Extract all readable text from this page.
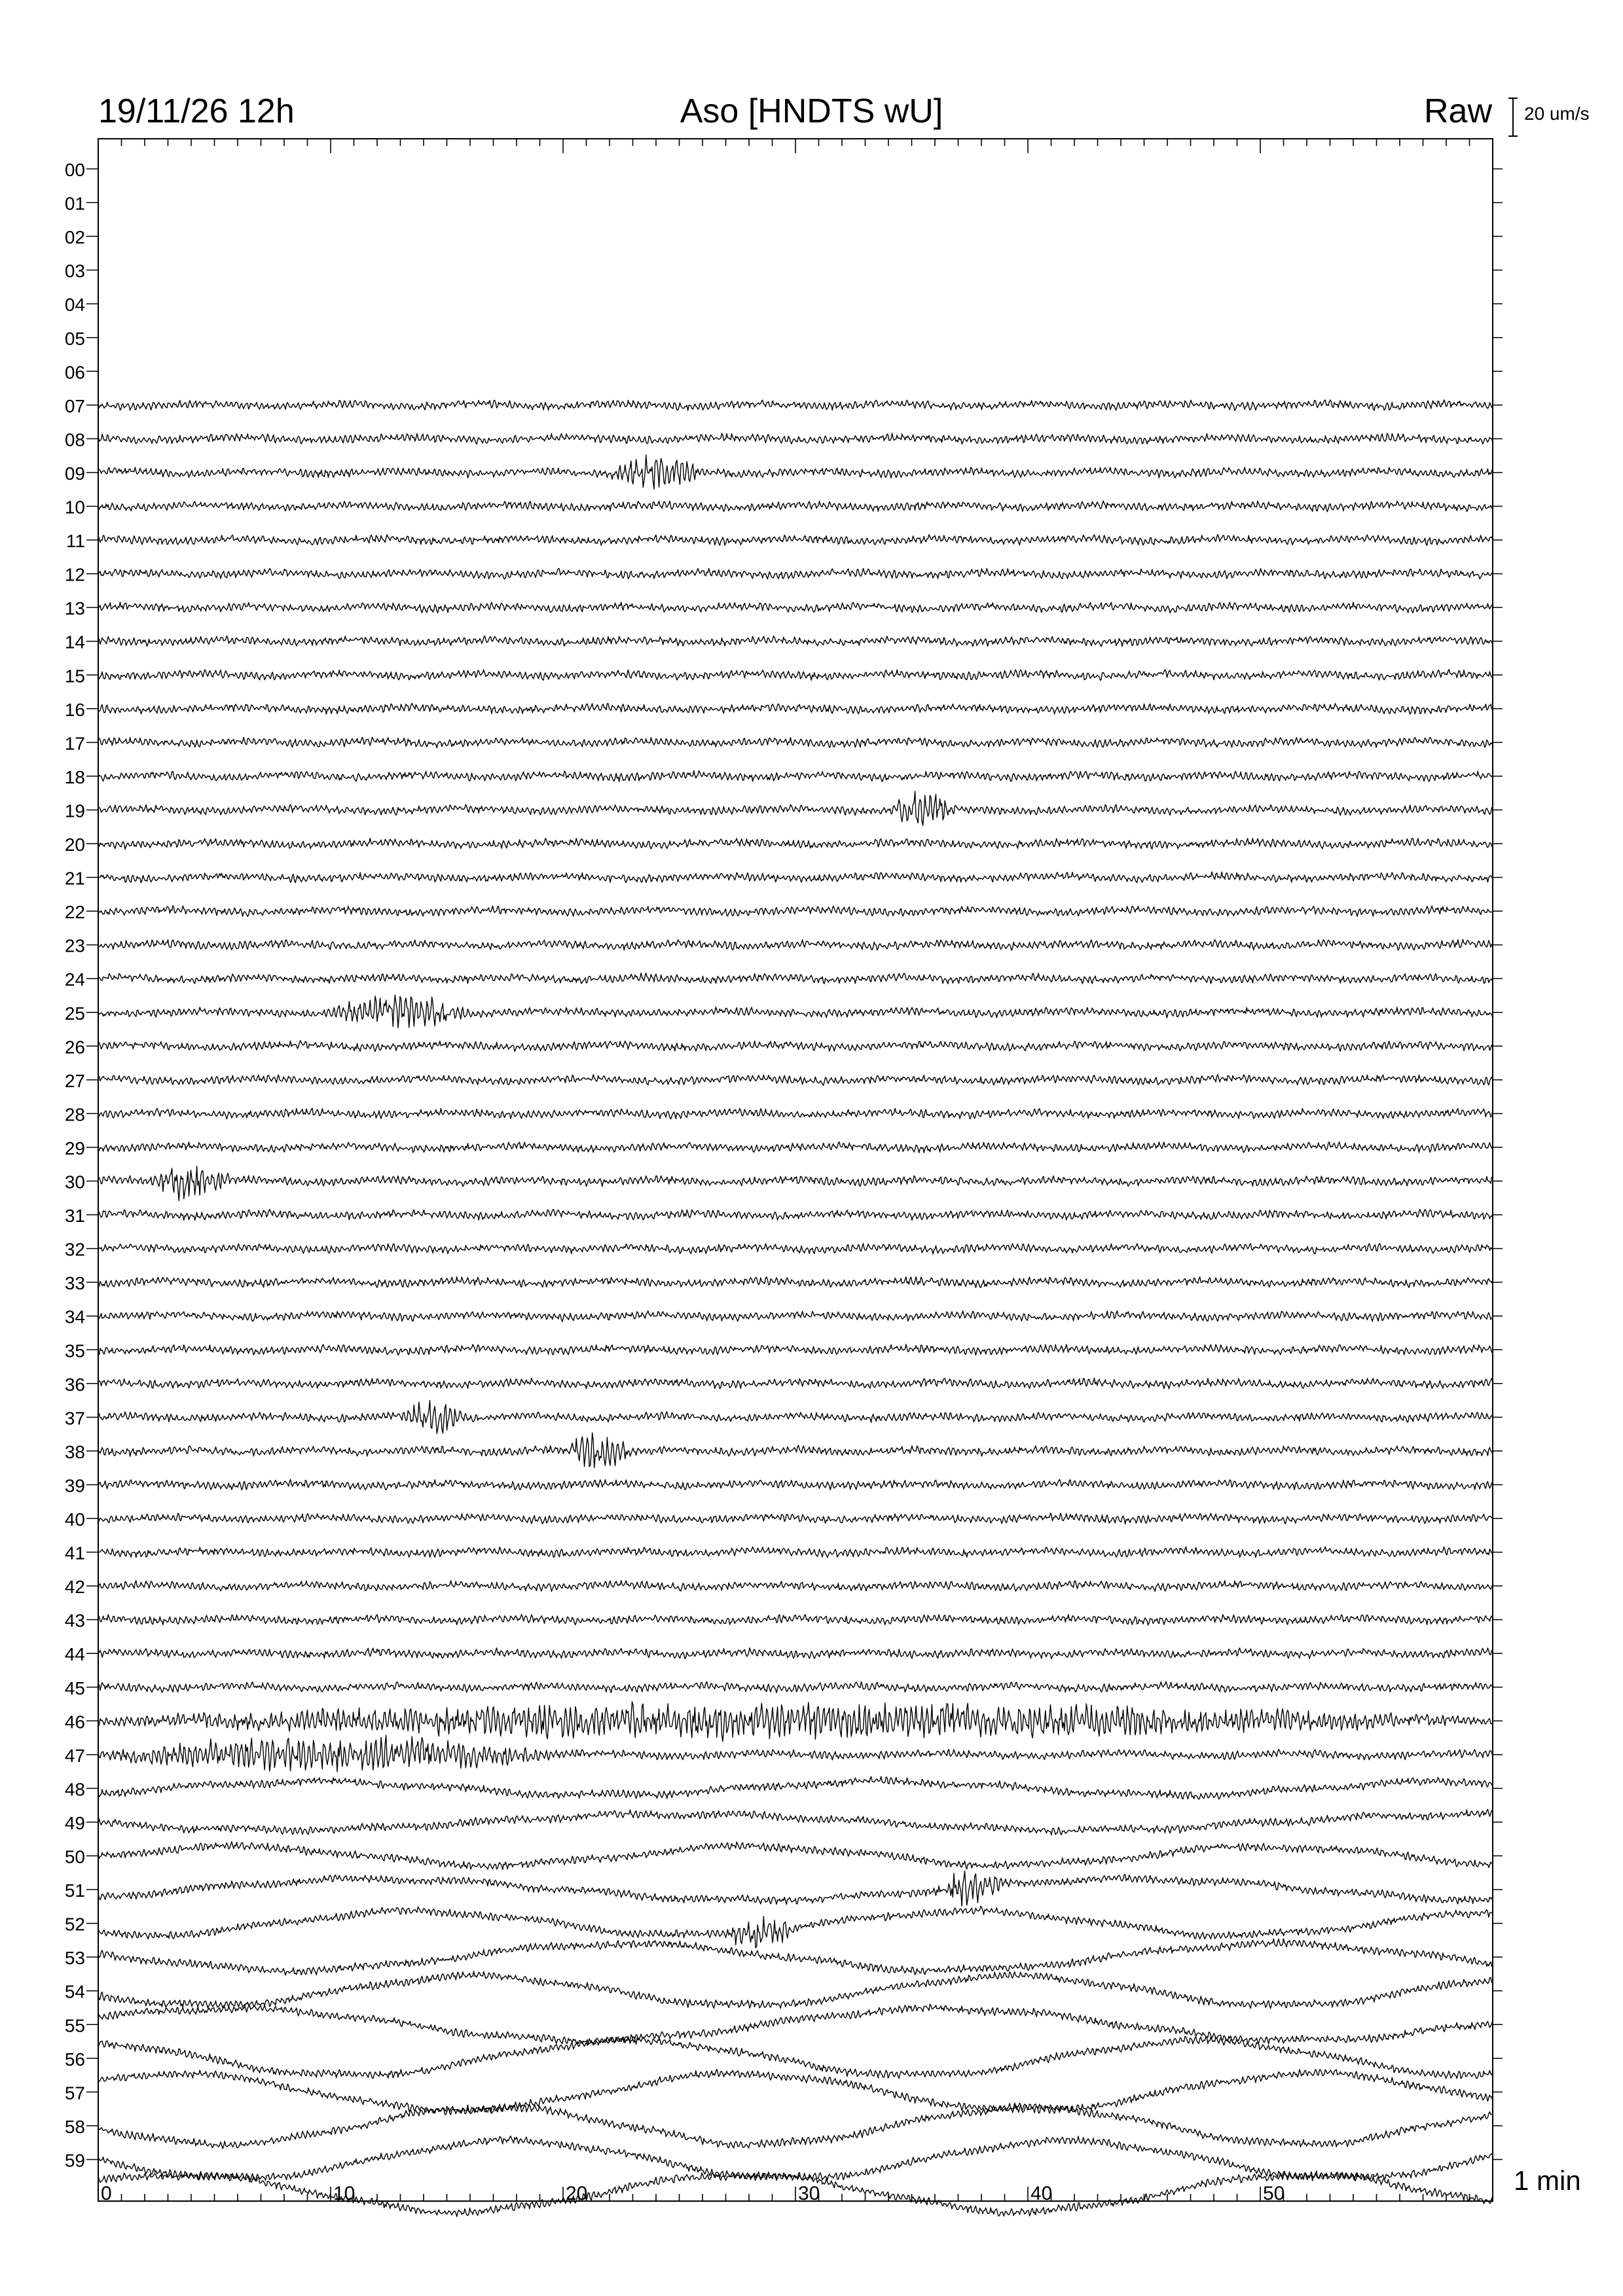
19/11/26 12h	Aso [HNDTS wU]	Raw 20 um/s
0	10	20	30	40	50
00
01
02
03
04
05
06
07
08
09
10
11
12
13
14
15
16
17
18
19
20
21
22
23
24
25
26
27
28
29
30
31
32
33
34
35
36
37
38
39
40
41
42
43
44
45
46
47
48
49
50
51
52
53
54
55
56
57
58
59
1 min
